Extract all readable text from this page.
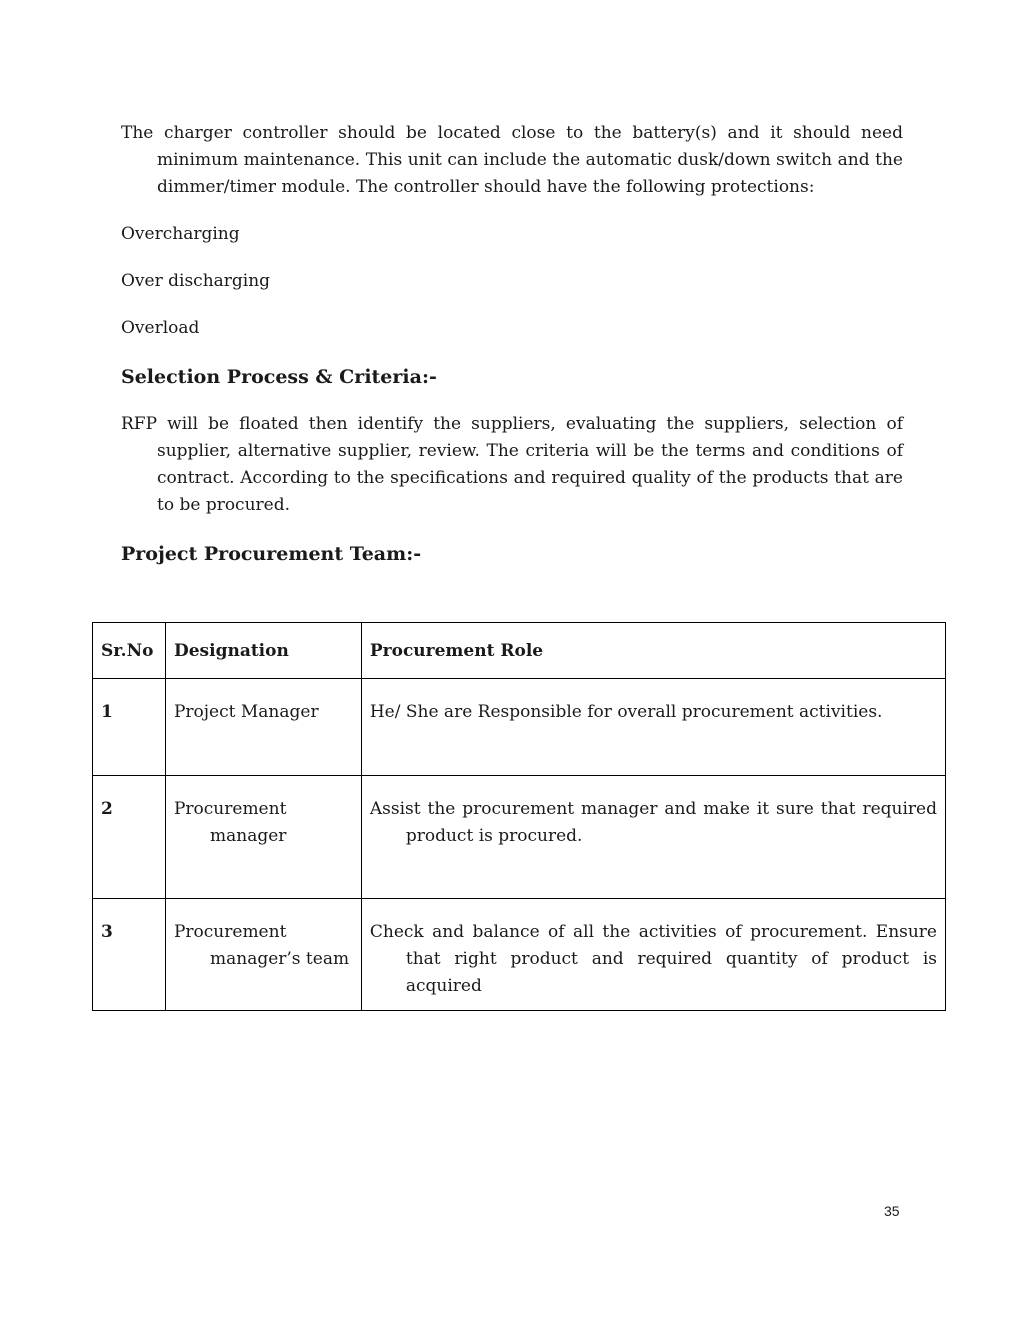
The charger controller should be located close to the battery(s) and it should need minimum maintenance. This unit can include the automatic dusk/down switch and the dimmer/timer module. The controller should have the following protections:

Overcharging

Over discharging

Overload

Selection Process & Criteria:-

RFP will be floated then identify the suppliers, evaluating the suppliers, selection of supplier, alternative supplier, review. The criteria will be the terms and conditions of contract. According to the specifications and required quality of the products that are to be procured.

Project Procurement Team:-
Sr.No	Designation	Procurement Role
1	Project Manager	He/ She are Responsible for overall procurement activities.

2	Procurement manager	Assist the procurement manager and make it sure that required product is procured.

3	Procurement manager’s team	Check and balance of all the activities of procurement. Ensure that right product and required quantity of product is acquired
35
